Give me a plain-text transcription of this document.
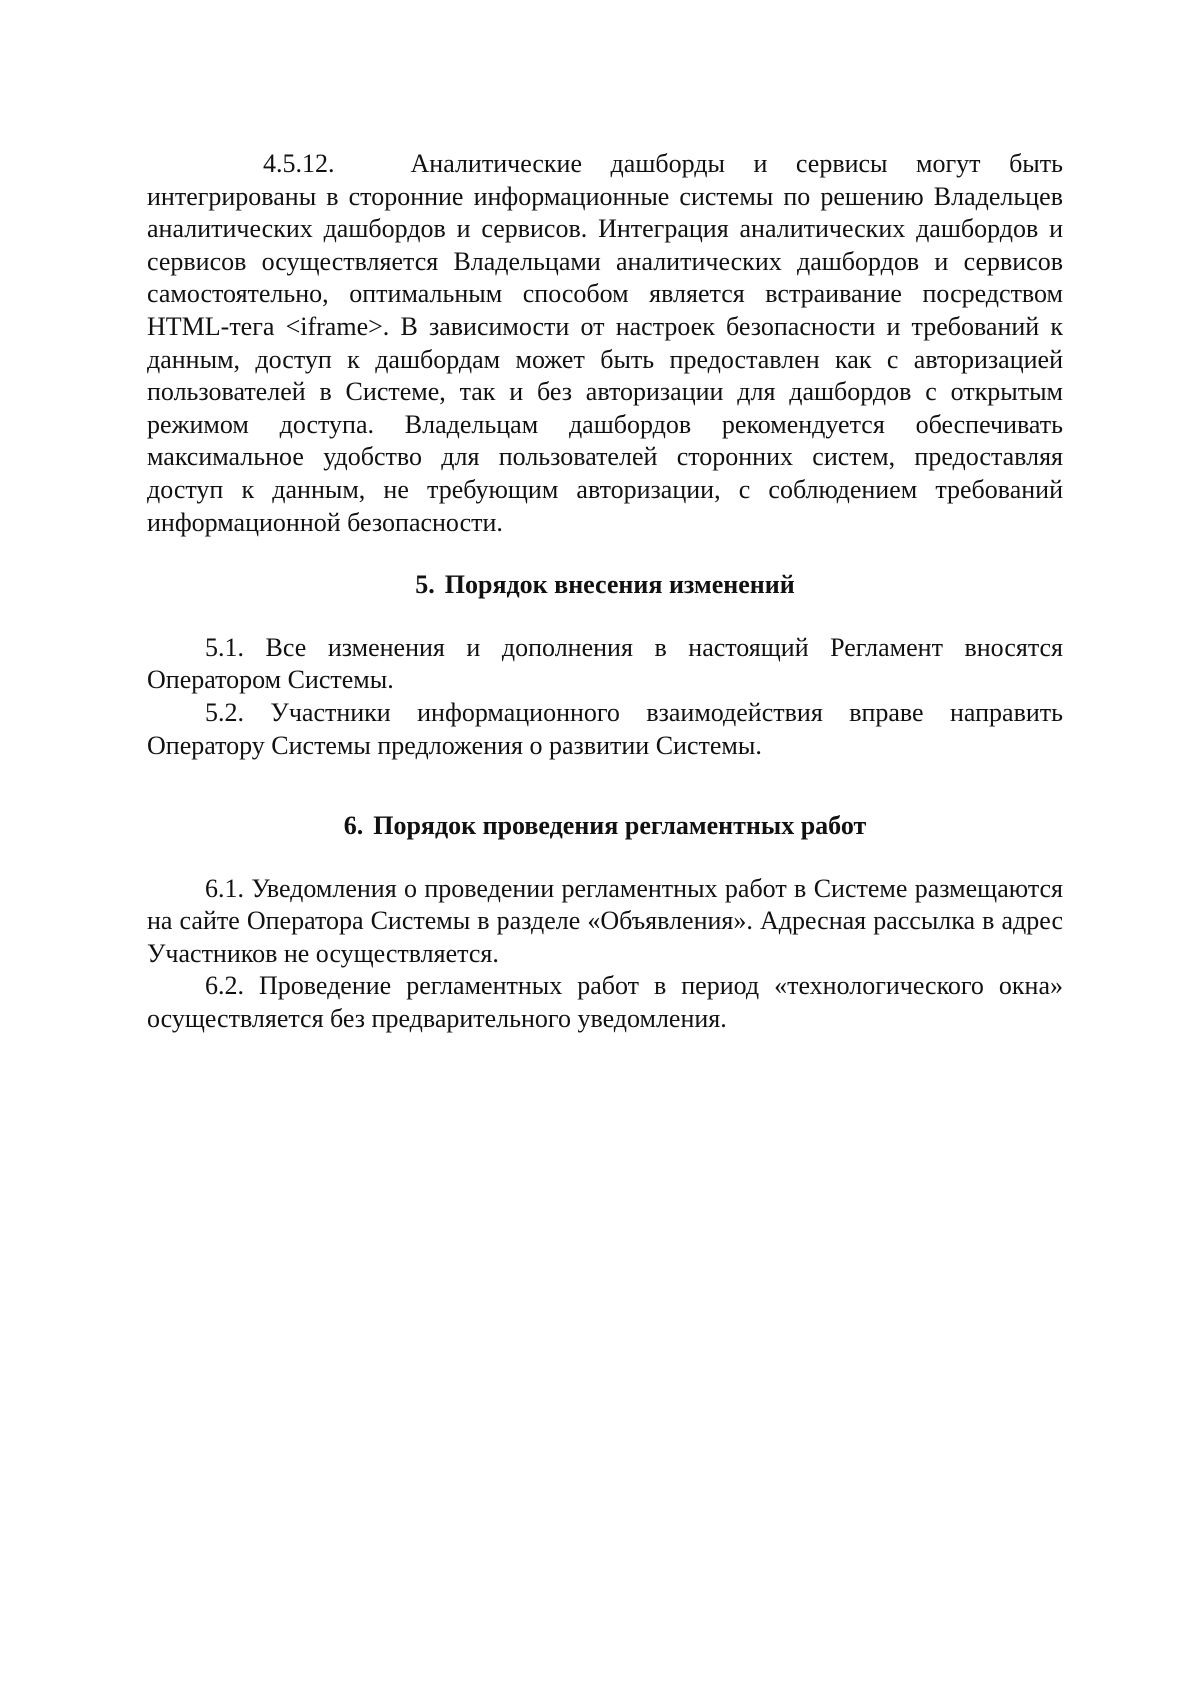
4.5.12.	Аналитические дашборды и сервисы могут быть интегрированы в сторонние информационные системы по решению Владельцев аналитических дашбордов и сервисов. Интеграция аналитических дашбордов и сервисов осуществляется Владельцами аналитических дашбордов и сервисов самостоятельно, оптимальным способом является встраивание посредством HTML-тега <iframe>. В зависимости от настроек безопасности и требований к данным, доступ к дашбордам может быть предоставлен как с авторизацией пользователей в Системе, так и без авторизации для дашбордов с открытым режимом доступа. Владельцам дашбордов рекомендуется обеспечивать максимальное удобство для пользователей сторонних систем, предоставляя доступ к данным, не требующим авторизации, с соблюдением требований информационной безопасности.

5. Порядок внесения изменений

5.1. Все изменения и дополнения в настоящий Регламент вносятся Оператором Системы.

5.2. Участники информационного взаимодействия вправе направить Оператору Системы предложения о развитии Системы.

6. Порядок проведения регламентных работ

6.1. Уведомления о проведении регламентных работ в Системе размещаются на сайте Оператора Системы в разделе «Объявления». Адресная рассылка в адрес Участников не осуществляется.

6.2. Проведение регламентных работ в период «технологического окна» осуществляется без предварительного уведомления.
